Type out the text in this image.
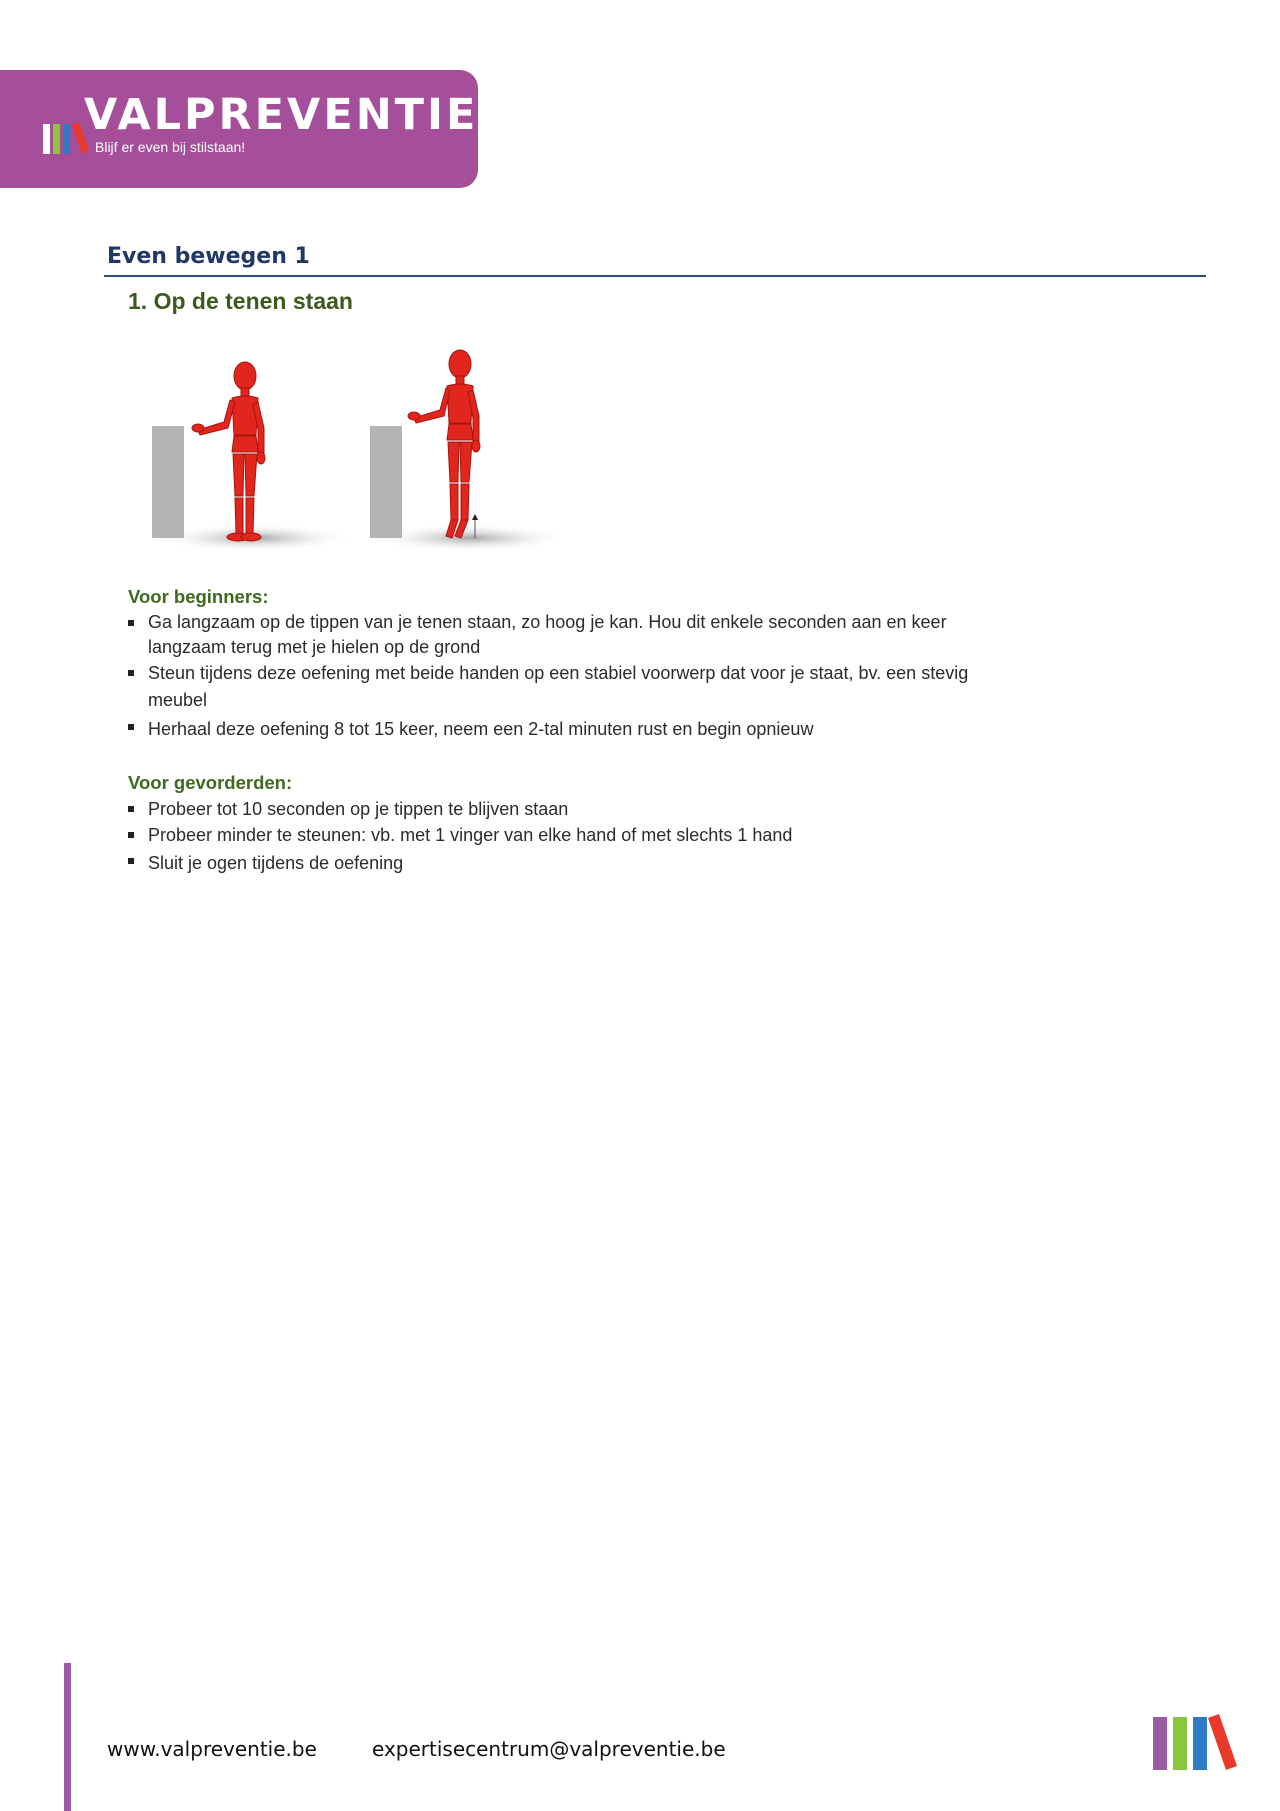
VALPREVENTIE.be
Blijf er even bij stilstaan!
Even bewegen 1
1. Op de tenen staan
Voor beginners:
Ga langzaam op de tippen van je tenen staan, zo hoog je kan. Hou dit enkele seconden aan en keer langzaam terug met je hielen op de grond
Steun tijdens deze oefening met beide handen op een stabiel voorwerp dat voor je staat, bv. een stevig meubel
Herhaal deze oefening 8 tot 15 keer, neem een 2-tal minuten rust en begin opnieuw
Voor gevorderden:
Probeer tot 10 seconden op je tippen te blijven staan
Probeer minder te steunen: vb. met 1 vinger van elke hand of met slechts 1 hand
Sluit je ogen tijdens de oefening
www.valpreventie.be	expertisecentrum@valpreventie.be
